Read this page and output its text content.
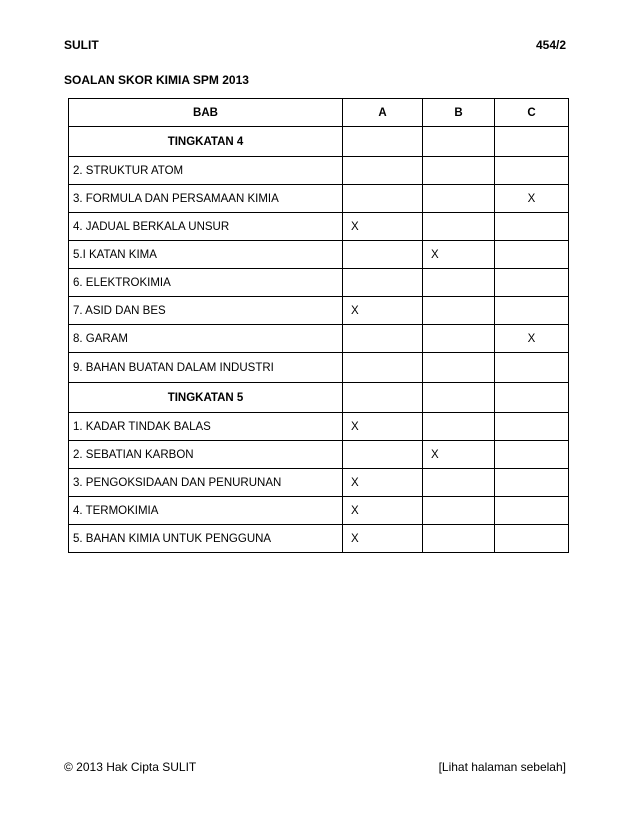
SULIT	454/2
SOALAN SKOR KIMIA SPM 2013
BAB	A	B	C
TINGKATAN 4			
2. STRUKTUR ATOM			
3. FORMULA DAN PERSAMAAN KIMIA			X
4. JADUAL BERKALA UNSUR	X		
5.I KATAN KIMA		X	
6. ELEKTROKIMIA			
7. ASID DAN BES	X		
8. GARAM			X
9. BAHAN BUATAN DALAM INDUSTRI			
TINGKATAN 5			
1. KADAR TINDAK BALAS	X		
2. SEBATIAN KARBON		X	
3. PENGOKSIDAAN DAN PENURUNAN	X		
4. TERMOKIMIA	X		
5. BAHAN KIMIA UNTUK PENGGUNA	X		
© 2013 Hak Cipta SULIT	[Lihat halaman sebelah]
